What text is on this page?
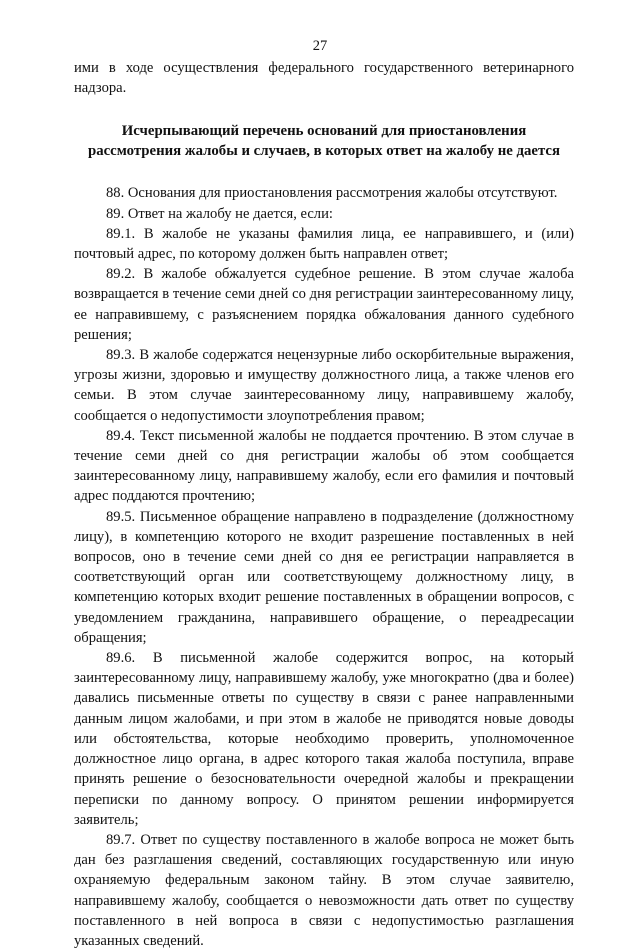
27

ими в ходе осуществления федерального государственного ветеринарного надзора.

Исчерпывающий перечень оснований для приостановления
рассмотрения жалобы и случаев, в которых ответ на жалобу не дается

88. Основания для приостановления рассмотрения жалобы отсутствуют.

89. Ответ на жалобу не дается, если:

89.1. В жалобе не указаны фамилия лица, ее направившего, и (или) почтовый адрес, по которому должен быть направлен ответ;

89.2. В жалобе обжалуется судебное решение. В этом случае жалоба возвращается в течение семи дней со дня регистрации заинтересованному лицу, ее направившему, с разъяснением порядка обжалования данного судебного решения;

89.3. В жалобе содержатся нецензурные либо оскорбительные выражения, угрозы жизни, здоровью и имуществу должностного лица, а также членов его семьи. В этом случае заинтересованному лицу, направившему жалобу, сообщается о недопустимости злоупотребления правом;

89.4. Текст письменной жалобы не поддается прочтению. В этом случае в течение семи дней со дня регистрации жалобы об этом сообщается заинтересованному лицу, направившему жалобу, если его фамилия и почтовый адрес поддаются прочтению;

89.5. Письменное обращение направлено в подразделение (должностному лицу), в компетенцию которого не входит разрешение поставленных в ней вопросов, оно в течение семи дней со дня ее регистрации направляется в соответствующий орган или соответствующему должностному лицу, в компетенцию которых входит решение поставленных в обращении вопросов, с уведомлением гражданина, направившего обращение, о переадресации обращения;

89.6. В письменной жалобе содержится вопрос, на который заинтересованному лицу, направившему жалобу, уже многократно (два и более) давались письменные ответы по существу в связи с ранее направленными данным лицом жалобами, и при этом в жалобе не приводятся новые доводы или обстоятельства, которые необходимо проверить, уполномоченное должностное лицо органа, в адрес которого такая жалоба поступила, вправе принять решение о безосновательности очередной жалобы и прекращении переписки по данному вопросу. О принятом решении информируется заявитель;

89.7. Ответ по существу поставленного в жалобе вопроса не может быть дан без разглашения сведений, составляющих государственную или иную охраняемую федеральным законом тайну. В этом случае заявителю, направившему жалобу, сообщается о невозможности дать ответ по существу поставленного в ней вопроса в связи с недопустимостью разглашения указанных сведений.
